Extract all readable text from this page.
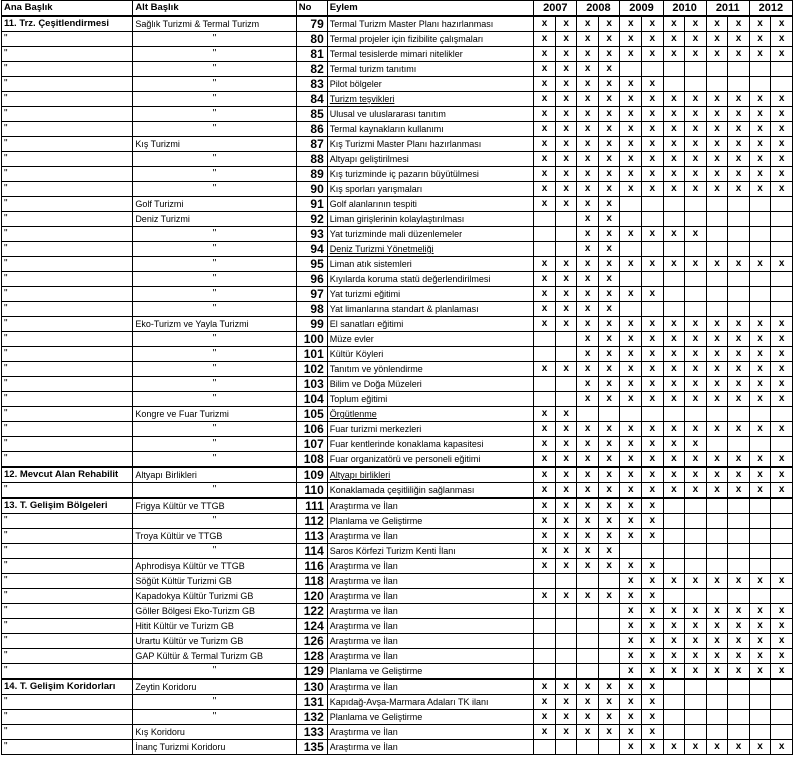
Ana Başlık	Alt Başlık	No	Eylem	2007		2008		2009		2010		2011		2012	
11. Trz. Çeşitlendirmesi	Sağlık Turizmi & Termal Turizm	79	Termal Turizm Master Planı hazırlanması	x	x	x	x	x	x	x	x	x	x	x	x
"	"	80	Termal projeler için fizibilite çalışmaları	x	x	x	x	x	x	x	x	x	x	x	x
"	"	81	Termal tesislerde mimari nitelikler	x	x	x	x	x	x	x	x	x	x	x	x
"	"	82	Termal turizm tanıtımı	x	x	x	x								
"	"	83	Pilot bölgeler	x	x	x	x	x	x						
"	"	84	Turizm teşvikleri	x	x	x	x	x	x	x	x	x	x	x	x
"	"	85	Ulusal ve uluslararası tanıtım	x	x	x	x	x	x	x	x	x	x	x	x
"	"	86	Termal kaynakların kullanımı	x	x	x	x	x	x	x	x	x	x	x	x
"	Kış Turizmi	87	Kış Turizmi Master Planı hazırlanması	x	x	x	x	x	x	x	x	x	x	x	x
"	"	88	Altyapı geliştirilmesi	x	x	x	x	x	x	x	x	x	x	x	x
"	"	89	Kış turizminde iç pazarın büyütülmesi	x	x	x	x	x	x	x	x	x	x	x	x
"	"	90	Kış sporları yarışmaları	x	x	x	x	x	x	x	x	x	x	x	x
"	Golf Turizmi	91	Golf alanlarının tespiti	x	x	x	x								
"	Deniz Turizmi	92	Liman girişlerinin kolaylaştırılması			x	x								
"	"	93	Yat turizminde mali düzenlemeler			x	x	x	x	x	x				
"	"	94	Deniz Turizmi Yönetmeliği			x	x								
"	"	95	Liman atık sistemleri	x	x	x	x	x	x	x	x	x	x	x	x
"	"	96	Kıyılarda koruma statü değerlendirilmesi	x	x	x	x								
"	"	97	Yat turizmi eğitimi	x	x	x	x	x	x						
"	"	98	Yat limanlarına standart & planlaması	x	x	x	x								
"	Eko-Turizm ve Yayla Turizmi	99	El sanatları eğitimi	x	x	x	x	x	x	x	x	x	x	x	x
"	"	100	Müze evler			x	x	x	x	x	x	x	x	x	x
"	"	101	Kültür Köyleri			x	x	x	x	x	x	x	x	x	x
"	"	102	Tanıtım ve yönlendirme	x	x	x	x	x	x	x	x	x	x	x	x
"	"	103	Bilim ve Doğa Müzeleri			x	x	x	x	x	x	x	x	x	x
"	"	104	Toplum eğitimi			x	x	x	x	x	x	x	x	x	x
"	Kongre ve Fuar Turizmi	105	Örgütlenme	x	x										
"	"	106	Fuar turizmi merkezleri	x	x	x	x	x	x	x	x	x	x	x	x
"	"	107	Fuar kentlerinde konaklama kapasitesi	x	x	x	x	x	x	x	x				
"	"	108	Fuar organizatörü ve personeli eğitimi	x	x	x	x	x	x	x	x	x	x	x	x
12. Mevcut Alan Rehabilit	Altyapı Birlikleri	109	Altyapı birlikleri	x	x	x	x	x	x	x	x	x	x	x	x
"	"	110	Konaklamada çeşitliliğin sağlanması	x	x	x	x	x	x	x	x	x	x	x	x
13. T. Gelişim Bölgeleri	Frigya Kültür ve TTGB	111	Araştırma ve İlan	x	x	x	x	x	x						
"	"	112	Planlama ve Geliştirme	x	x	x	x	x	x						
"	Troya Kültür ve TTGB	113	Araştırma ve İlan	x	x	x	x	x	x						
"	"	114	Saros Körfezi Turizm Kenti İlanı	x	x	x	x								
"	Aphrodisya Kültür ve TTGB	116	Araştırma ve İlan	x	x	x	x	x	x						
"	Söğüt Kültür Turizmi GB	118	Araştırma ve İlan					x	x	x	x	x	x	x	x
"	Kapadokya Kültür Turizmi GB	120	Araştırma ve İlan	x	x	x	x	x	x						
"	Göller Bölgesi Eko-Turizm GB	122	Araştırma ve İlan					x	x	x	x	x	x	x	x
"	Hitit Kültür ve Turizm GB	124	Araştırma ve İlan					x	x	x	x	x	x	x	x
"	Urartu Kültür ve Turizm GB	126	Araştırma ve İlan					x	x	x	x	x	x	x	x
"	GAP Kültür & Termal Turizm GB	128	Araştırma ve İlan					x	x	x	x	x	x	x	x
"	"	129	Planlama ve Geliştirme					x	x	x	x	x	x	x	x
14. T. Gelişim Koridorları	Zeytin Koridoru	130	Araştırma ve İlan	x	x	x	x	x	x						
"	"	131	Kapıdağ-Avşa-Marmara Adaları TK ilanı	x	x	x	x	x	x						
"	"	132	Planlama ve Geliştirme	x	x	x	x	x	x						
"	Kış Koridoru	133	Araştırma ve İlan	x	x	x	x	x	x						
"	İnanç Turizmi Koridoru	135	Araştırma ve İlan					x	x	x	x	x	x	x	x
